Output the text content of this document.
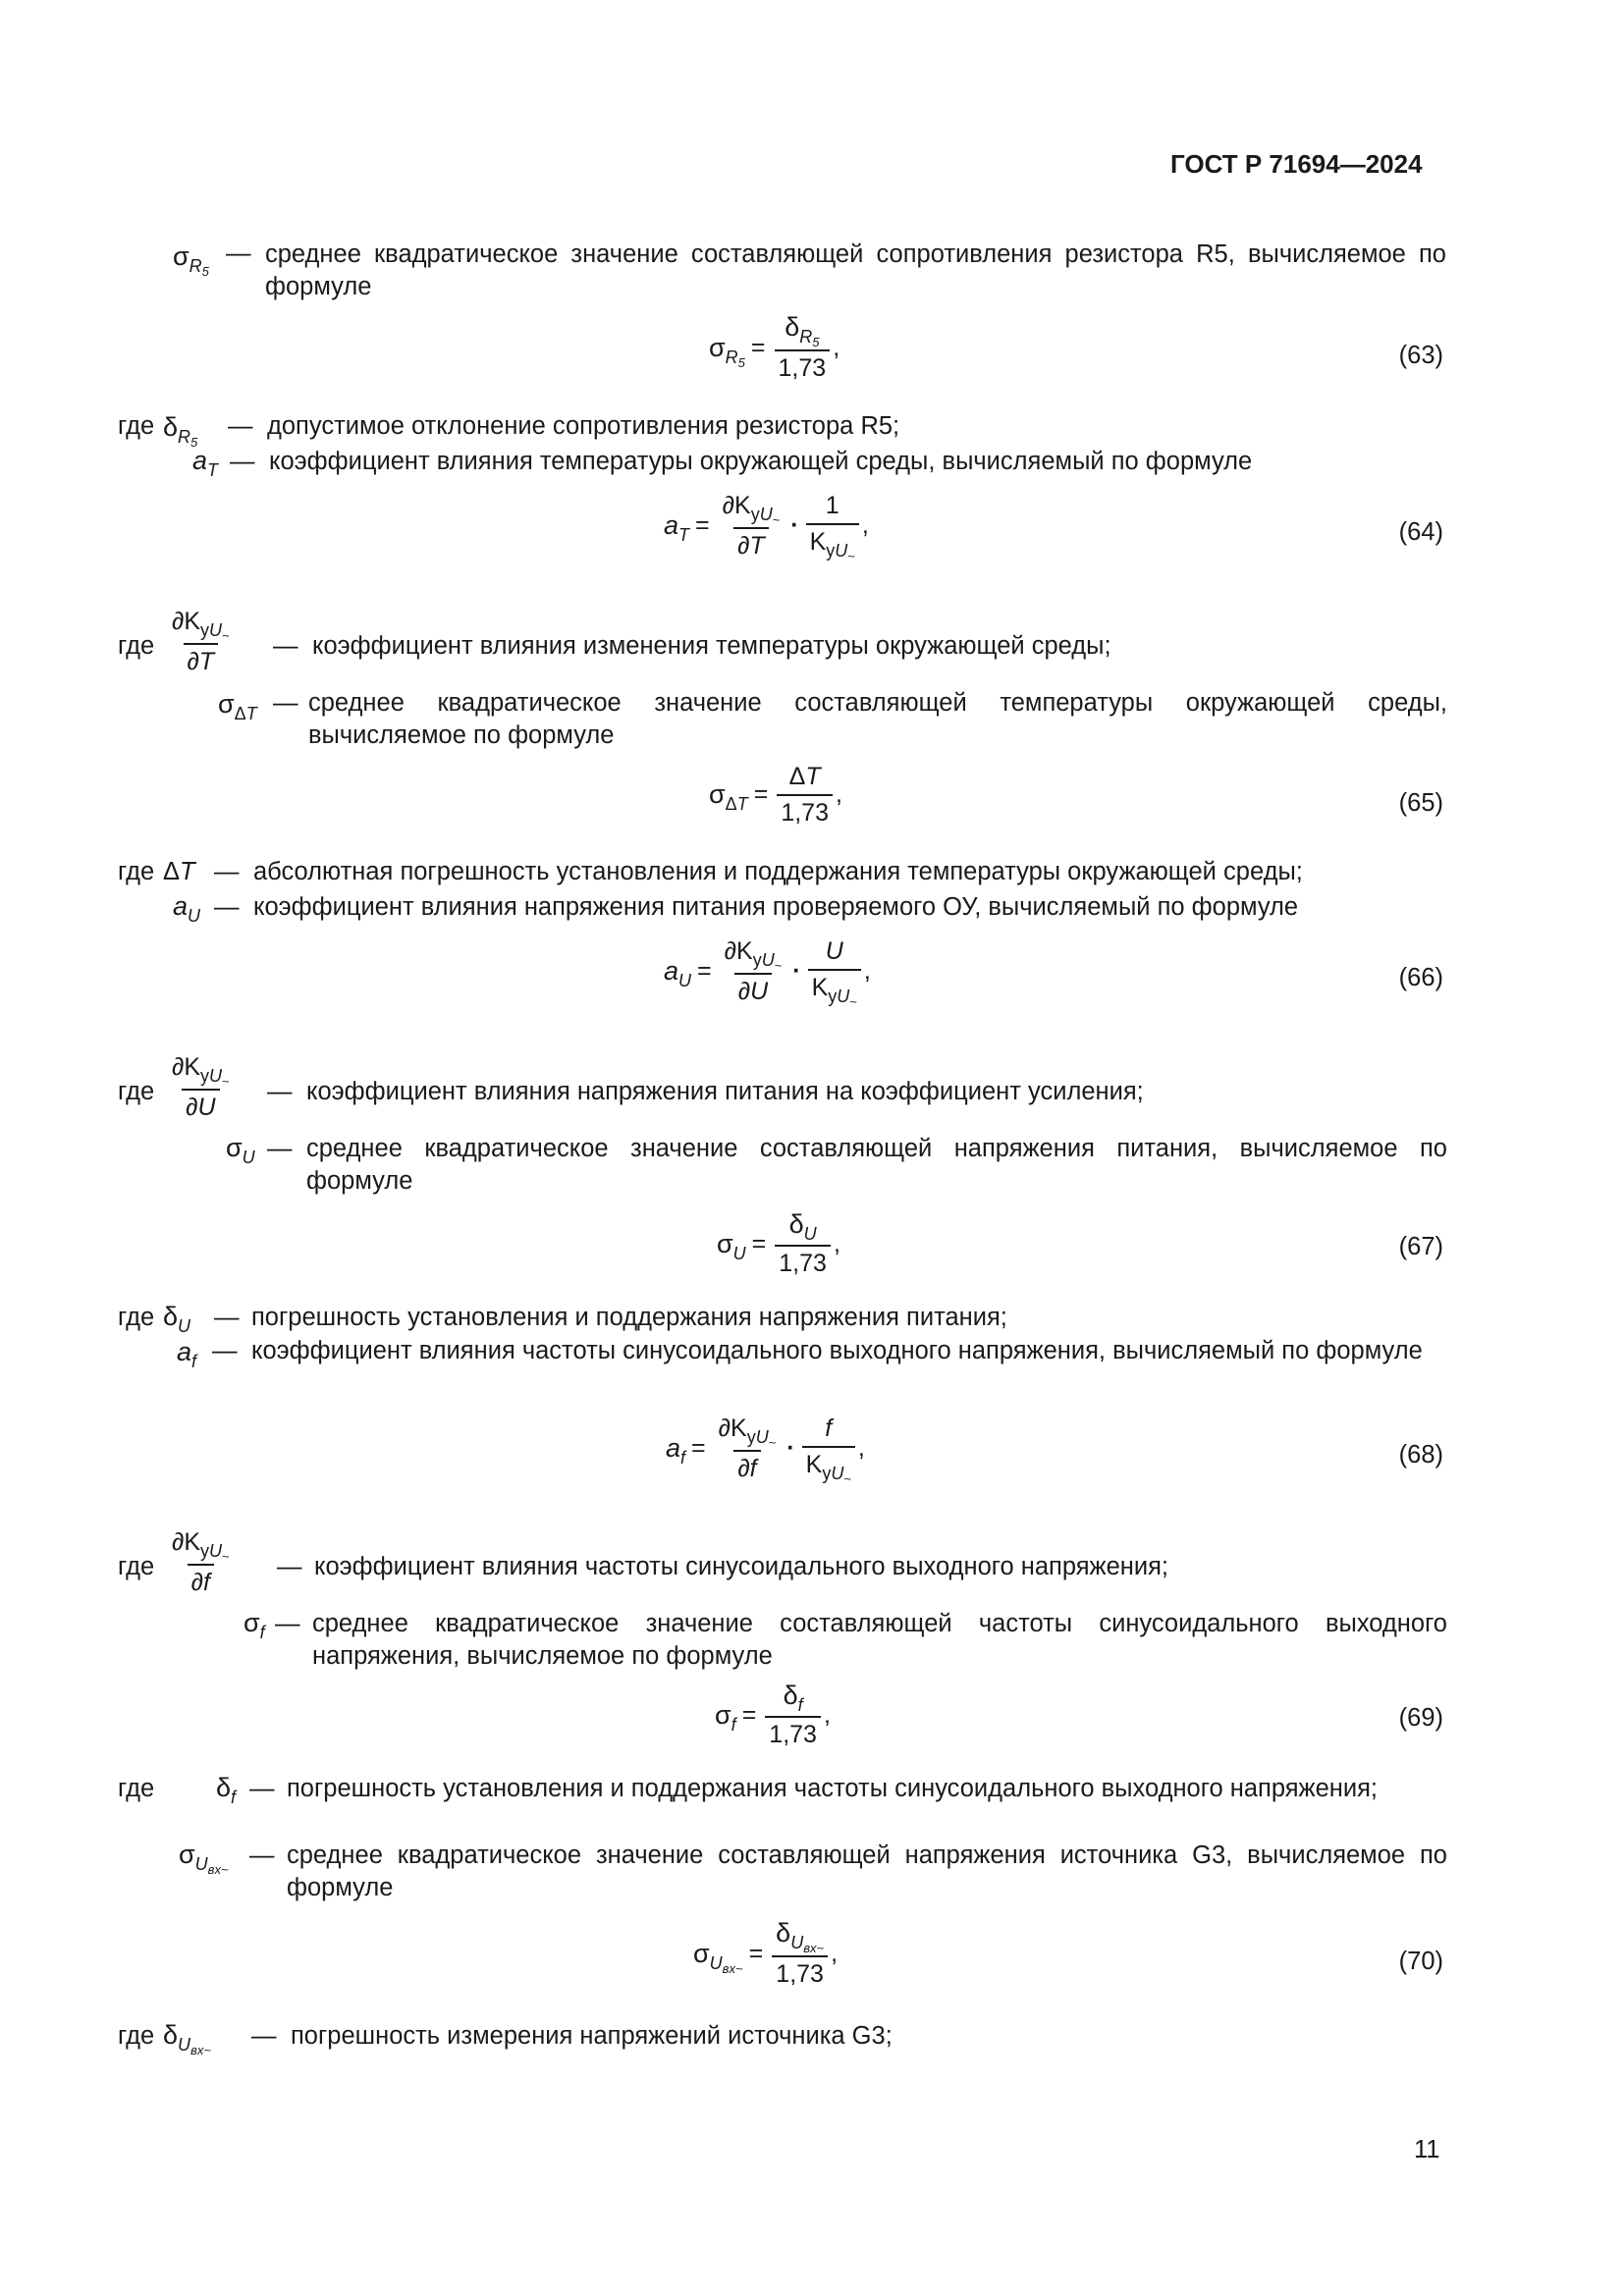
ГОСТ Р 71694—2024
$\sigma_{R_5}$
— среднее квадратическое значение составляющей сопротивления резистора R5, вычисляемое по формуле
$\sigma_{R_5}$
= $\frac{\delta_{R_5}}{1,73}$ ,	(63)
где $\delta_{R_5}$
— допустимое отклонение сопротивления резистора R5;
$a_T$ — коэффициент влияния температуры окружающей среды, вычисляемый по формуле
$a_T = \frac{\partial K_{уU_\sim}}{\partial T} \cdot \frac{1}{K_{уU_\sim}}$ ,	(64)
где $\frac{\partial K_{уU_\sim}}{\partial T}$ — коэффициент влияния изменения температуры окружающей среды;
$\sigma_{\Delta T}$ — среднее квадратическое значение составляющей температуры окружающей среды, вычисляемое по формуле
$\sigma_{\Delta T} = \frac{\Delta T}{1,73}$ ,	(65)
где ΔT — абсолютная погрешность установления и поддержания температуры окружающей среды;
$a_U$ — коэффициент влияния напряжения питания проверяемого ОУ, вычисляемый по формуле
$a_U = \frac{\partial K_{уU_\sim}}{\partial U} \cdot \frac{U}{K_{уU_\sim}}$ ,	(66)
где $\frac{\partial K_{уU_\sim}}{\partial U}$ — коэффициент влияния напряжения питания на коэффициент усиления;
$\sigma_U$ — среднее квадратическое значение составляющей напряжения питания, вычисляемое по формуле
$\sigma_U = \frac{\delta_U}{1,73}$ ,	(67)
где $\delta_U$ — погрешность установления и поддержания напряжения питания;
$a_f$ — коэффициент влияния частоты синусоидального выходного напряжения, вычисляемый по формуле
$a_f = \frac{\partial K_{уU_\sim}}{\partial f} \cdot \frac{f}{K_{уU_\sim}}$ ,	(68)
где $\frac{\partial K_{уU_\sim}}{\partial f}$ — коэффициент влияния частоты синусоидального выходного напряжения;
$\sigma_f$ — среднее квадратическое значение составляющей частоты синусоидального выходного напряжения, вычисляемое по формуле
$\sigma_f = \frac{\delta_f}{1,73}$ ,	(69)
где $\delta_f$ — погрешность установления и поддержания частоты синусоидального выходного напряжения;
$\sigma_{U_{вх\sim}}$
— среднее квадратическое значение составляющей напряжения источника G3, вычисляемое по формуле
$\sigma_{U_{вх\sim}}$
= $\frac{\delta_{U_{вх\sim}}}{1,73}$ ,	(70)
где $\delta_{U_{вх\sim}}$
— погрешность измерения напряжений источника G3;
11
